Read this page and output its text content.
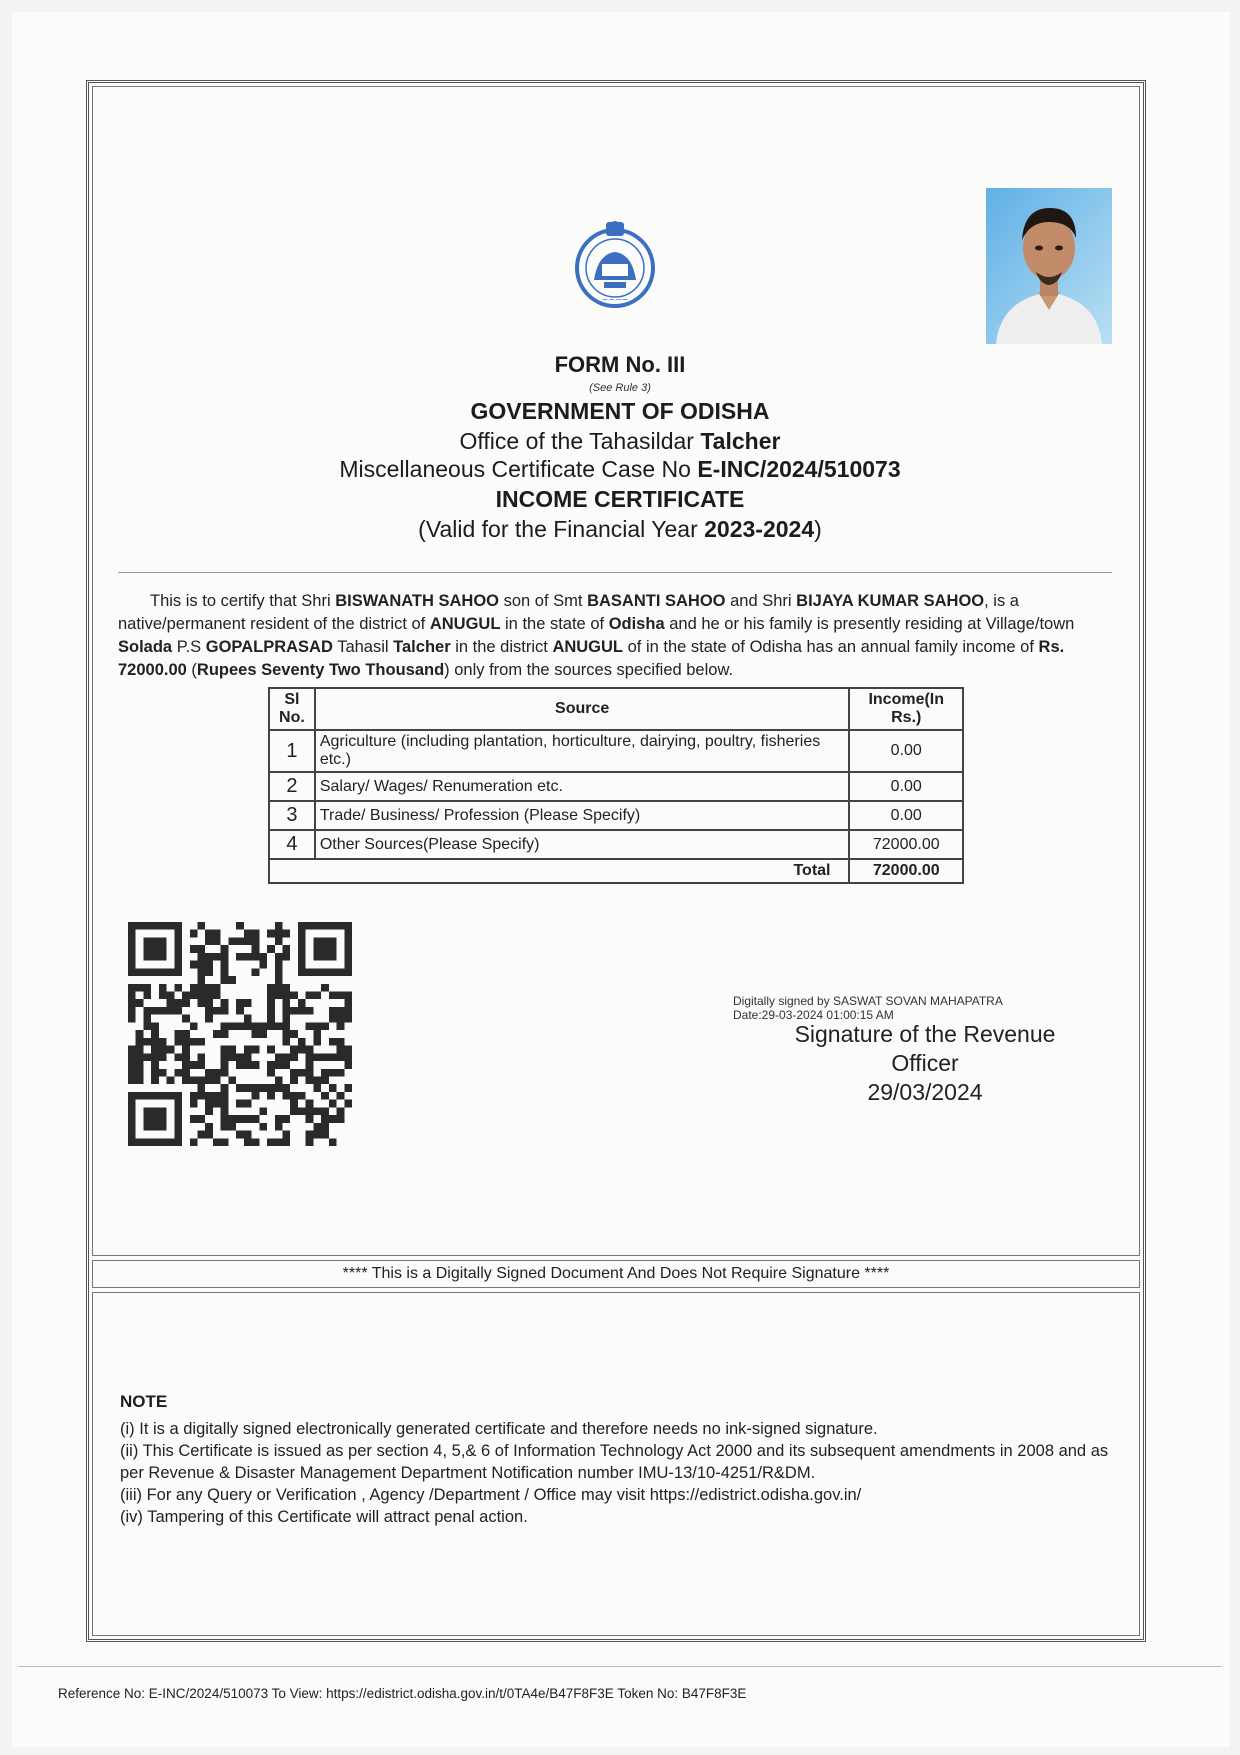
~~~~
FORM No. III
(See Rule 3)
GOVERNMENT OF ODISHA
Office of the Tahasildar Talcher
Miscellaneous Certificate Case No E-INC/2024/510073
INCOME CERTIFICATE
(Valid for the Financial Year 2023-2024)
This is to certify that Shri BISWANATH SAHOO son of Smt BASANTI SAHOO and Shri BIJAYA KUMAR SAHOO, is a native/permanent resident of the district of ANUGUL in the state of Odisha and he or his family is presently residing at Village/town Solada P.S GOPALPRASAD Tahasil Talcher in the district ANUGUL of in the state of Odisha has an annual family income of Rs. 72000.00 (Rupees Seventy Two Thousand) only from the sources specified below.
Sl No.	Source	Income(In Rs.)
1	Agriculture (including plantation, horticulture, dairying, poultry, fisheries etc.)	0.00
2	Salary/ Wages/ Renumeration etc.	0.00
3	Trade/ Business/ Profession (Please Specify)	0.00
4	Other Sources(Please Specify)	72000.00
Total		72000.00
Digitally signed by SASWAT SOVAN MAHAPATRA
Date:29-03-2024 01:00:15 AM
Signature of the Revenue
Officer
29/03/2024
**** This is a Digitally Signed Document And Does Not Require Signature ****
NOTE
(i) It is a digitally signed electronically generated certificate and therefore needs no ink-signed signature.
(ii) This Certificate is issued as per section 4, 5,& 6 of Information Technology Act 2000 and its subsequent amendments in 2008 and as per Revenue & Disaster Management Department Notification number IMU-13/10-4251/R&DM.
(iii) For any Query or Verification , Agency /Department / Office may visit https://edistrict.odisha.gov.in/
(iv) Tampering of this Certificate will attract penal action.
Reference No: E-INC/2024/510073 To View: https://edistrict.odisha.gov.in/t/0TA4e/B47F8F3E Token No: B47F8F3E
